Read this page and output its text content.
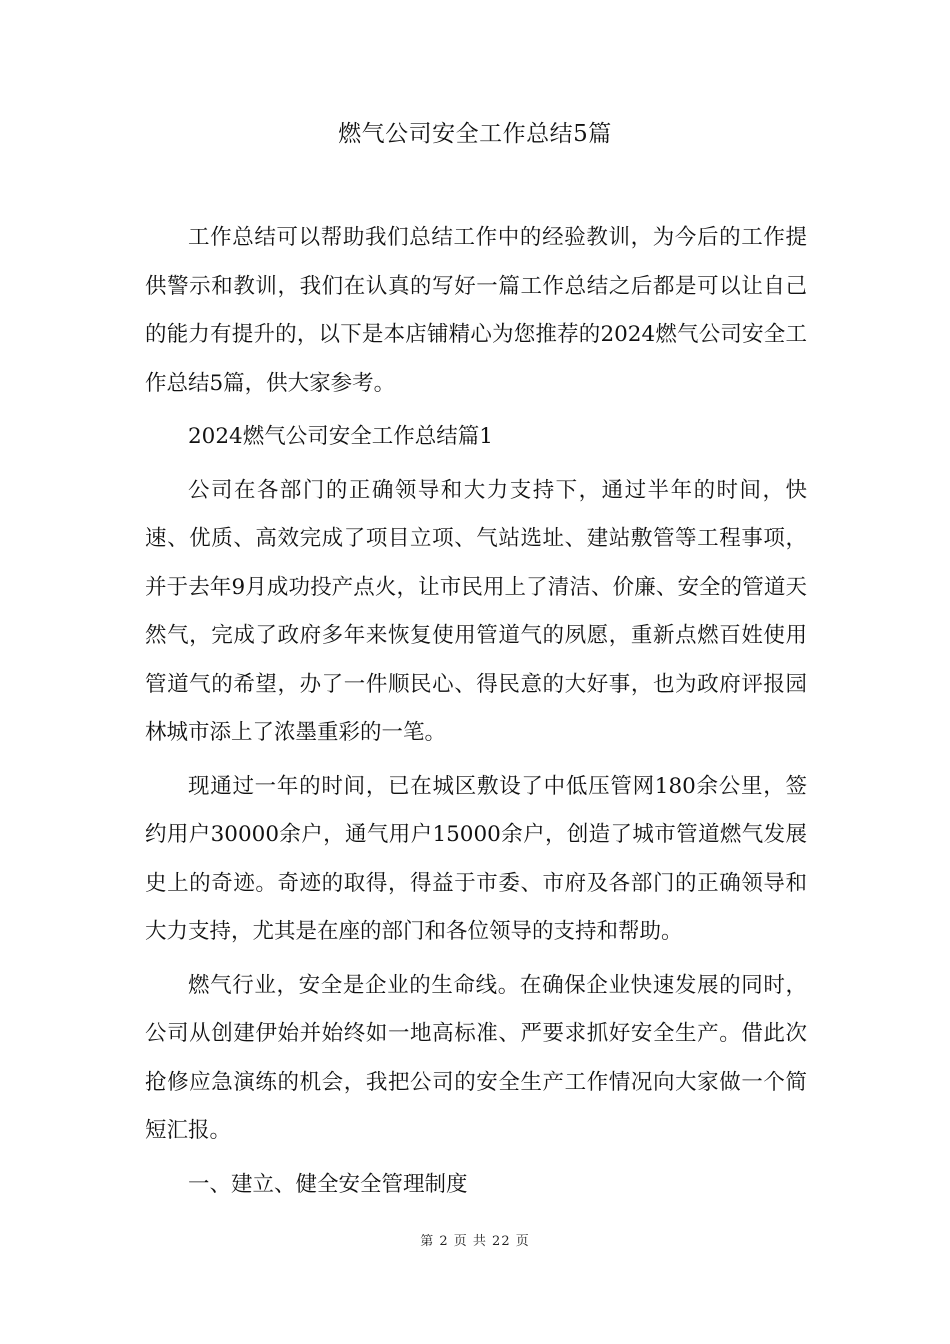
燃气公司安全工作总结5篇

工作总结可以帮助我们总结工作中的经验教训，为今后的工作提供警示和教训，我们在认真的写好一篇工作总结之后都是可以让自己的能力有提升的，以下是本店铺精心为您推荐的2024燃气公司安全工作总结5篇，供大家参考。

2024燃气公司安全工作总结篇1

公司在各部门的正确领导和大力支持下，通过半年的时间，快速、优质、高效完成了项目立项、气站选址、建站敷管等工程事项，并于去年9月成功投产点火，让市民用上了清洁、价廉、安全的管道天然气，完成了政府多年来恢复使用管道气的夙愿，重新点燃百姓使用管道气的希望，办了一件顺民心、得民意的大好事，也为政府评报园林城市添上了浓墨重彩的一笔。

现通过一年的时间，已在城区敷设了中低压管网180余公里，签约用户30000余户，通气用户15000余户，创造了城市管道燃气发展史上的奇迹。奇迹的取得，得益于市委、市府及各部门的正确领导和大力支持，尤其是在座的部门和各位领导的支持和帮助。

燃气行业，安全是企业的生命线。在确保企业快速发展的同时，公司从创建伊始并始终如一地高标准、严要求抓好安全生产。借此次抢修应急演练的机会，我把公司的安全生产工作情况向大家做一个简短汇报。

一、建立、健全安全管理制度

第 2 页 共 22 页
